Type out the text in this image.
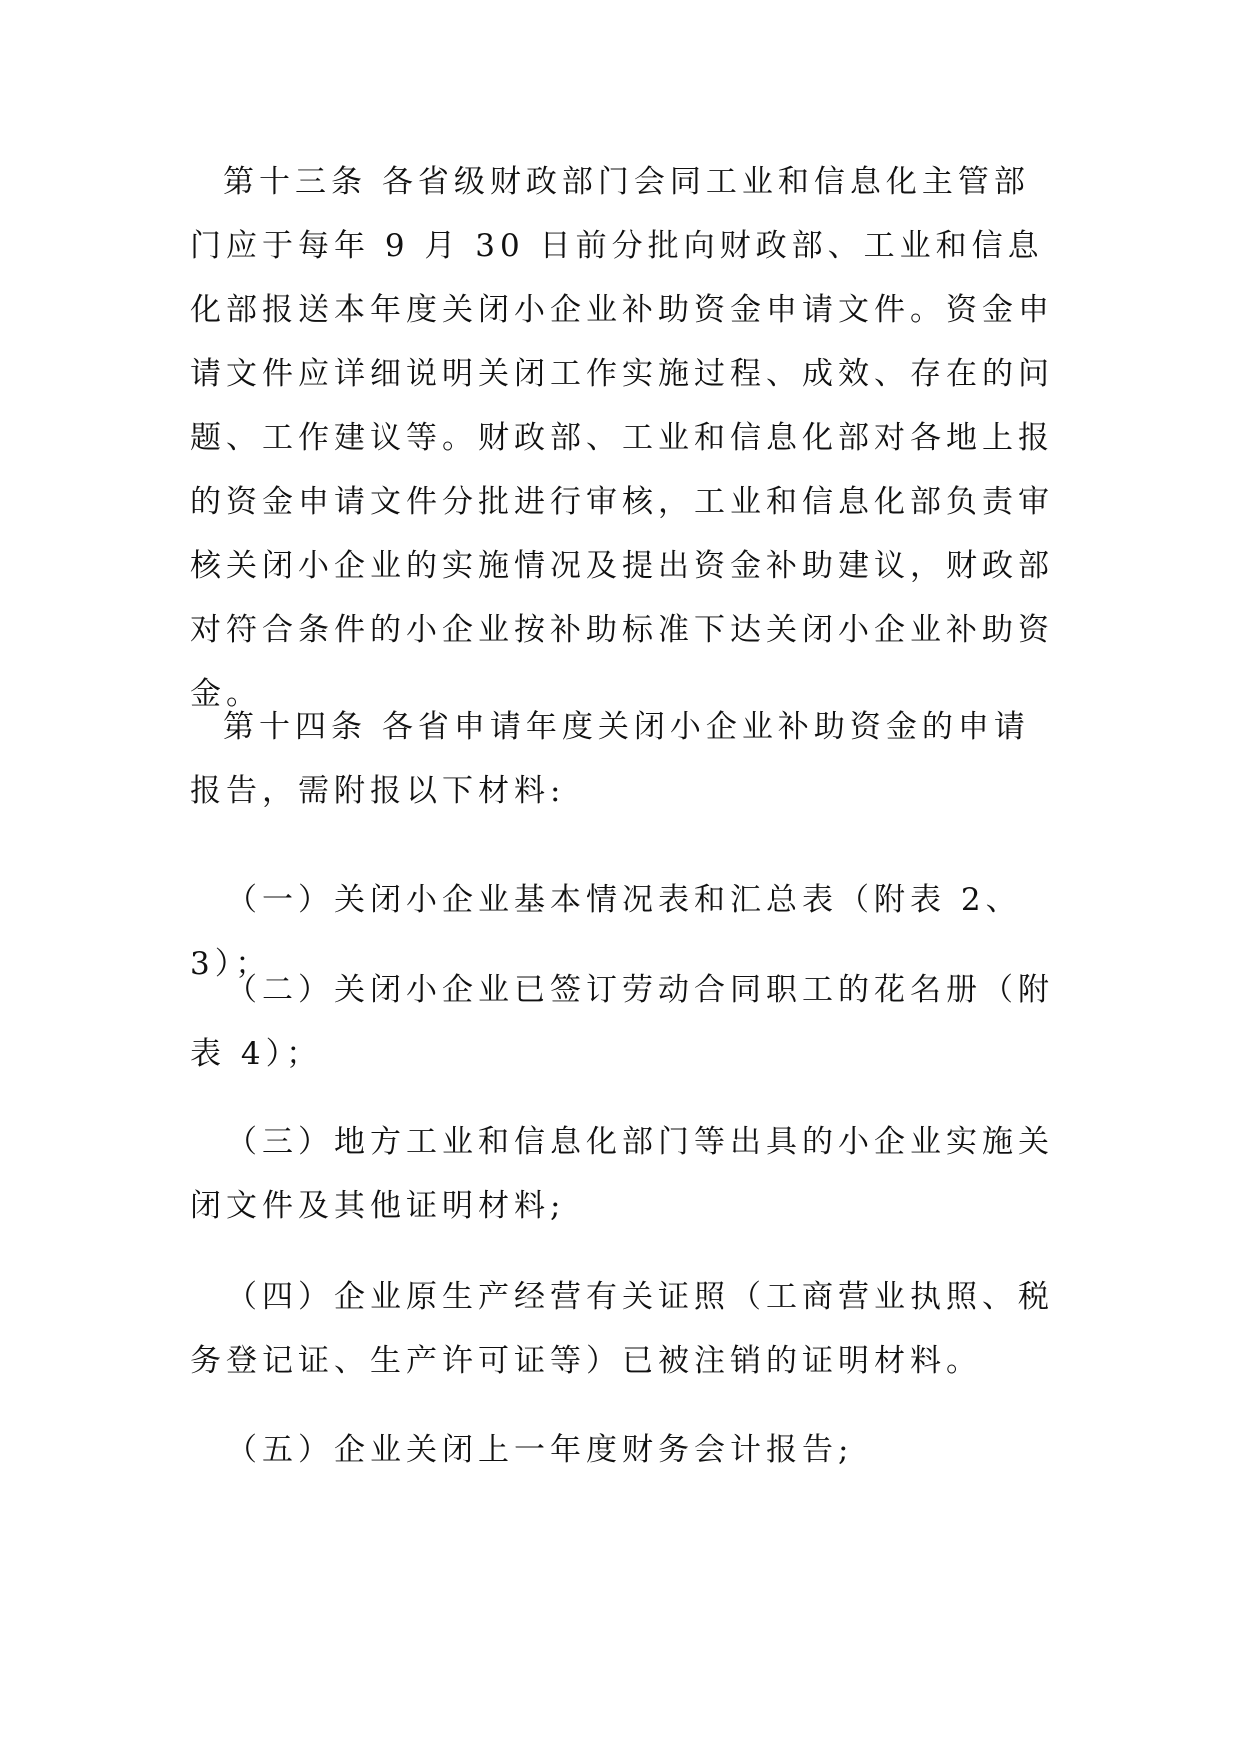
第十三条 各省级财政部门会同工业和信息化主管部门应于每年 9 月 30 日前分批向财政部、工业和信息化部报送本年度关闭小企业补助资金申请文件。资金申请文件应详细说明关闭工作实施过程、成效、存在的问题、工作建议等。财政部、工业和信息化部对各地上报的资金申请文件分批进行审核，工业和信息化部负责审核关闭小企业的实施情况及提出资金补助建议，财政部对符合条件的小企业按补助标准下达关闭小企业补助资金。

第十四条 各省申请年度关闭小企业补助资金的申请报告，需附报以下材料:

（一）关闭小企业基本情况表和汇总表（附表 2、3）；

（二）关闭小企业已签订劳动合同职工的花名册（附表 4）；

（三）地方工业和信息化部门等出具的小企业实施关闭文件及其他证明材料;

（四）企业原生产经营有关证照（工商营业执照、税务登记证、生产许可证等）已被注销的证明材料。

（五）企业关闭上一年度财务会计报告;
